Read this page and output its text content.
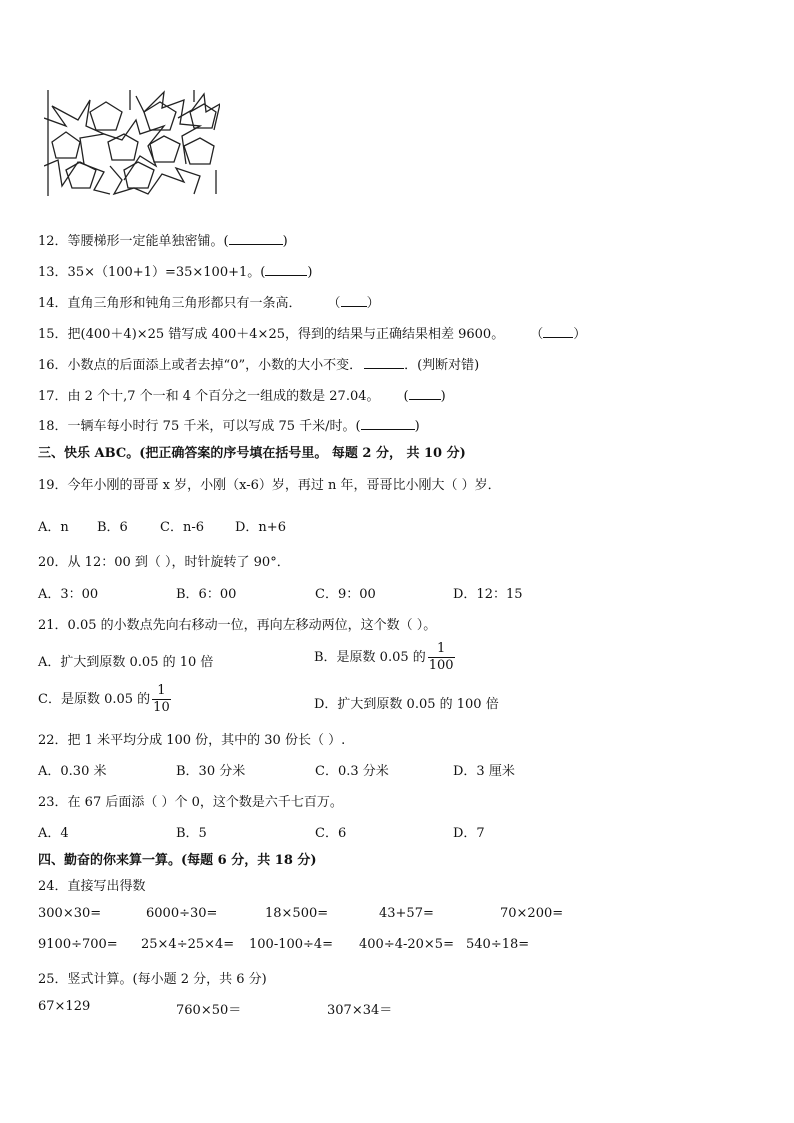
12．等腰梯形一定能单独密铺。(	)
13．35×（100+1）=35×100+1。(	)
14．直角三角形和钝角三角形都只有一条高． （ ）
15．把(400＋4)×25 错写成 400＋4×25，得到的结果与正确结果相差 9600。 （ ）
16．小数点的后面添上或者去掉“0”，小数的大小不变．	．(判断对错)
17．由 2 个十,7 个一和 4 个百分之一组成的数是 27.04。 ( )
18．一辆车每小时行 75 千米，可以写成 75 千米/时。(	)
三、快乐 ABC。(把正确答案的序号填在括号里。 每题 2 分， 共 10 分)
19．今年小刚的哥哥 x 岁，小刚（x-6）岁，再过 n 年，哥哥比小刚大（ ）岁．
A．n B．6 C．n-6 D．n+6
20．从 12：00 到（ ），时针旋转了 90°．
A．3：00	B．6：00	C．9：00	D．12：15
21．0.05 的小数点先向右移动一位，再向左移动两位，这个数（ ）。
A．扩大到原数 0.05 的 10 倍	B．是原数 0.05 的 $\frac{1}{100}$
C．是原数 0.05 的 $\frac{1}{10}$	D．扩大到原数 0.05 的 100 倍
22．把 1 米平均分成 100 份，其中的 30 份长（ ）.
A．0.30 米	B．30 分米	C．0.3 分米	D．3 厘米
23．在 67 后面添（ ）个 0，这个数是六千七百万。
A．4	B．5	C．6	D．7
四、勤奋的你来算一算。(每题 6 分，共 18 分)
24．直接写出得数
300×30=	6000÷30=	18×500=	43+57=	70×200=
9100÷700= 25×4÷25×4= 100-100÷4= 400÷4-20×5= 540÷18=
25．竖式计算。(每小题 2 分，共 6 分)
67×129	760×50＝	307×34＝
